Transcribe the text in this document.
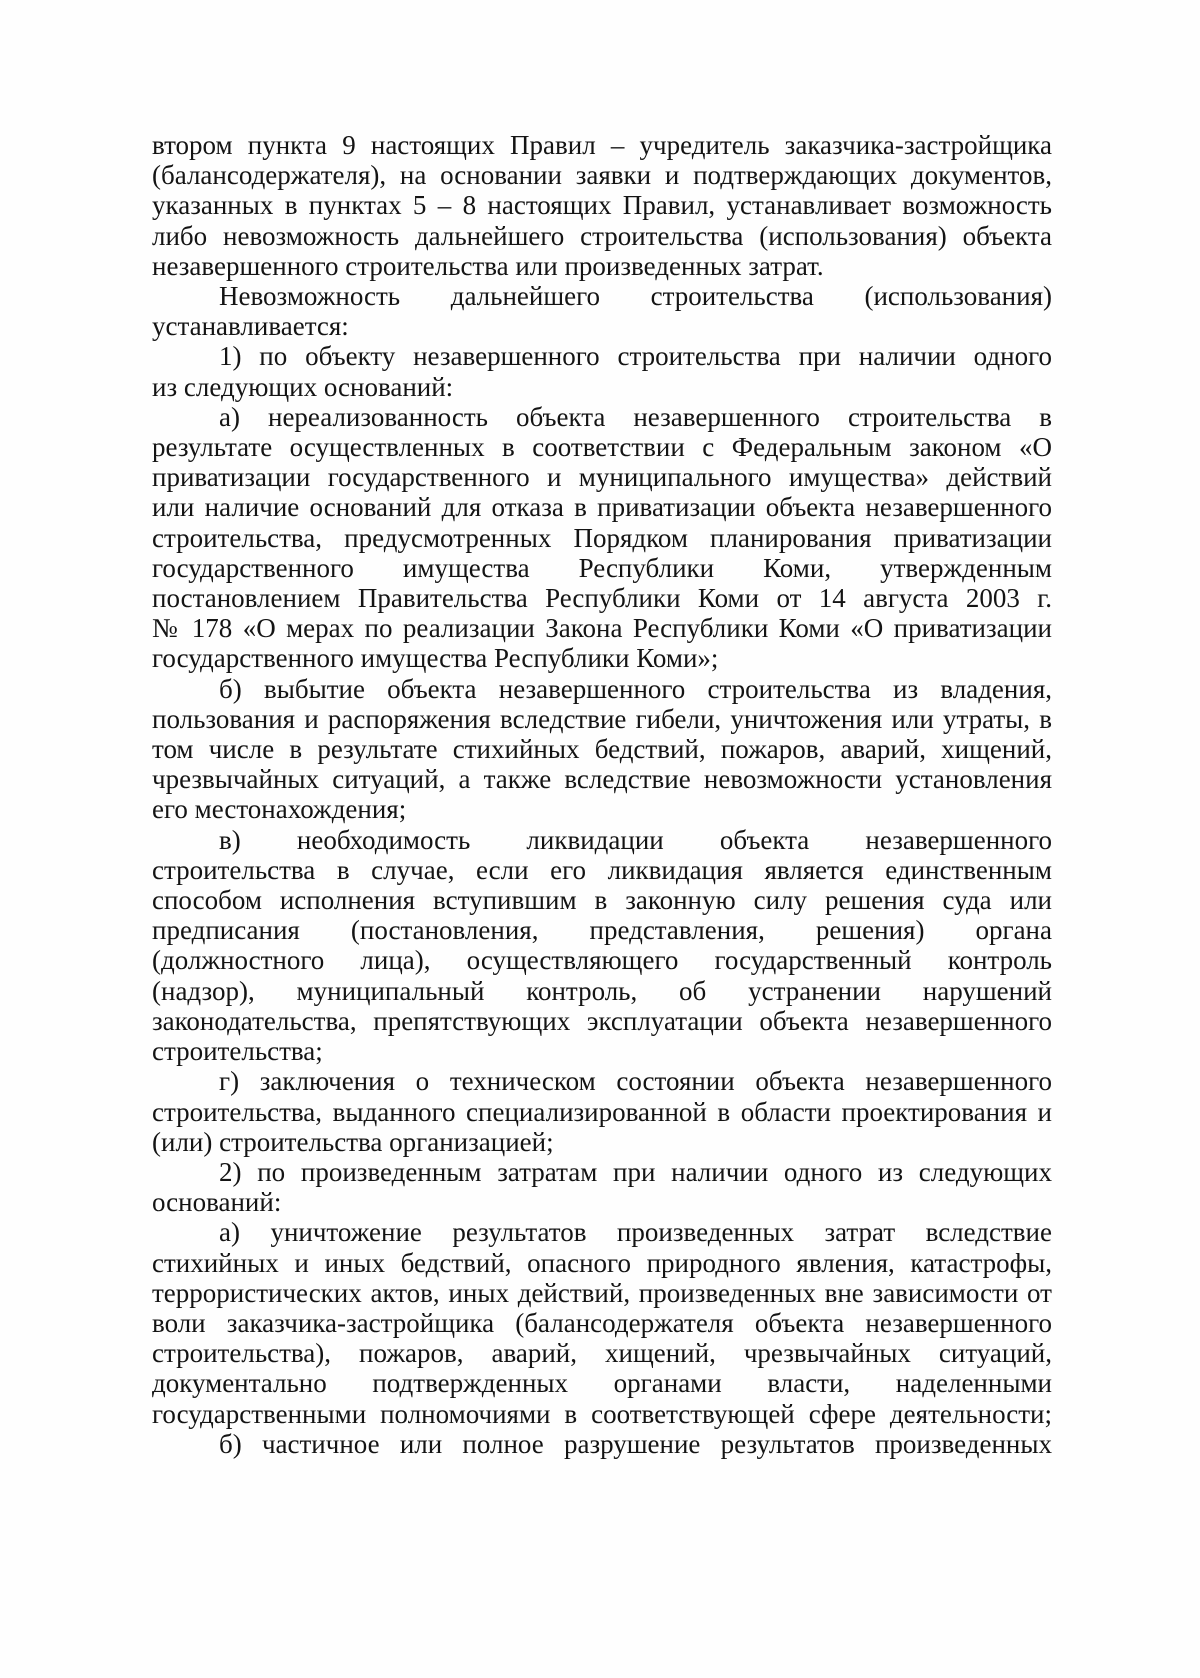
втором пункта 9 настоящих Правил – учредитель заказчика-застройщика
(балансодержателя), на основании заявки и подтверждающих документов,
указанных в пунктах 5 – 8 настоящих Правил, устанавливает возможность
либо невозможность дальнейшего строительства (использования) объекта
незавершенного строительства или произведенных затрат.
Невозможность дальнейшего строительства (использования)
устанавливается:
1) по объекту незавершенного строительства при наличии одного
из следующих оснований:
а) нереализованность объекта незавершенного строительства в
результате осуществленных в соответствии с Федеральным законом «О
приватизации государственного и муниципального имущества» действий
или наличие оснований для отказа в приватизации объекта незавершенного
строительства, предусмотренных Порядком планирования приватизации
государственного имущества Республики Коми, утвержденным
постановлением Правительства Республики Коми от 14 августа 2003 г.
№ 178 «О мерах по реализации Закона Республики Коми «О приватизации
государственного имущества Республики Коми»;
б) выбытие объекта незавершенного строительства из владения,
пользования и распоряжения вследствие гибели, уничтожения или утраты, в
том числе в результате стихийных бедствий, пожаров, аварий, хищений,
чрезвычайных ситуаций, а также вследствие невозможности установления
его местонахождения;
в) необходимость ликвидации объекта незавершенного
строительства в случае, если его ликвидация является единственным
способом исполнения вступившим в законную силу решения суда или
предписания (постановления, представления, решения) органа
(должностного лица), осуществляющего государственный контроль
(надзор), муниципальный контроль, об устранении нарушений
законодательства, препятствующих эксплуатации объекта незавершенного
строительства;
г) заключения о техническом состоянии объекта незавершенного
строительства, выданного специализированной в области проектирования и
(или) строительства организацией;
2) по произведенным затратам при наличии одного из следующих
оснований:
а) уничтожение результатов произведенных затрат вследствие
стихийных и иных бедствий, опасного природного явления, катастрофы,
террористических актов, иных действий, произведенных вне зависимости от
воли заказчика-застройщика (балансодержателя объекта незавершенного
строительства), пожаров, аварий, хищений, чрезвычайных ситуаций,
документально подтвержденных органами власти, наделенными
государственными полномочиями в соответствующей сфере деятельности;
б) частичное или полное разрушение результатов произведенных
